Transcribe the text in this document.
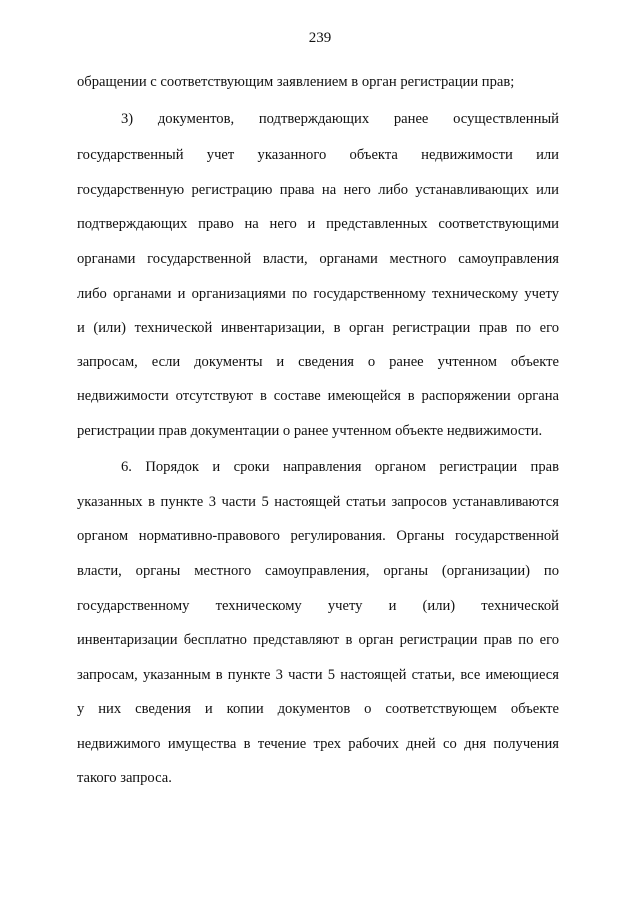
239
обращении с соответствующим заявлением в орган регистрации прав;
3) документов, подтверждающих ранее осуществленный
государственный учет указанного объекта недвижимости или
государственную регистрацию права на него либо устанавливающих или
подтверждающих право на него и представленных соответствующими
органами государственной власти, органами местного самоуправления
либо органами и организациями по государственному техническому учету
и (или) технической инвентаризации, в орган регистрации прав по его
запросам, если документы и сведения о ранее учтенном объекте
недвижимости отсутствуют в составе имеющейся в распоряжении органа
регистрации прав документации о ранее учтенном объекте недвижимости.
6. Порядок и сроки направления органом регистрации прав
указанных в пункте 3 части 5 настоящей статьи запросов устанавливаются
органом нормативно-правового регулирования. Органы государственной
власти, органы местного самоуправления, органы (организации) по
государственному техническому учету и (или) технической
инвентаризации бесплатно представляют в орган регистрации прав по его
запросам, указанным в пункте 3 части 5 настоящей статьи, все имеющиеся
у них сведения и копии документов о соответствующем объекте
недвижимого имущества в течение трех рабочих дней со дня получения
такого запроса.
